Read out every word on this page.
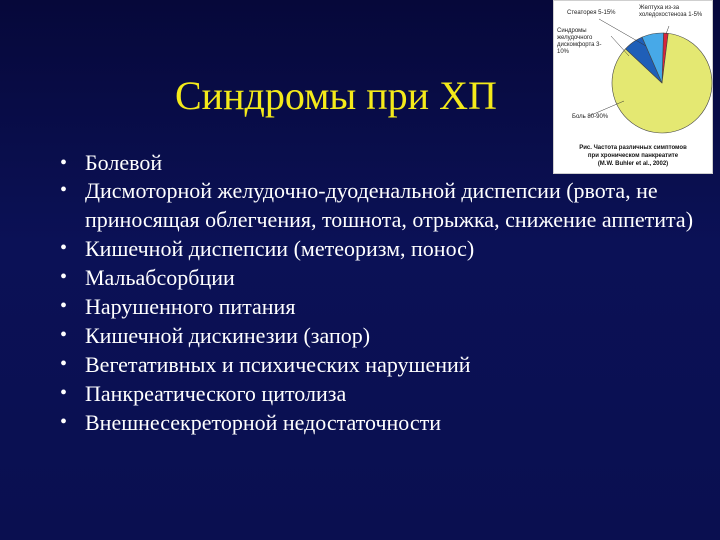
Синдромы при ХП
Стеаторея 5-15%
Желтуха из-за холедохостеноза 1-5%
Синдромы желудочного дискомфорта 3-10%
Боль 80-90%
Рис. Частота различных симптомов
при хроническом панкреатите
(M.W. Buhler et al., 2002)
• Болевой
• Дисмоторной желудочно-дуоденальной диспепсии (рвота, не приносящая облегчения, тошнота, отрыжка, снижение аппетита)
• Кишечной диспепсии (метеоризм, понос)
• Мальабсорбции
• Нарушенного питания
• Кишечной дискинезии (запор)
• Вегетативных и психических нарушений
• Панкреатического цитолиза
• Внешнесекреторной недостаточности
